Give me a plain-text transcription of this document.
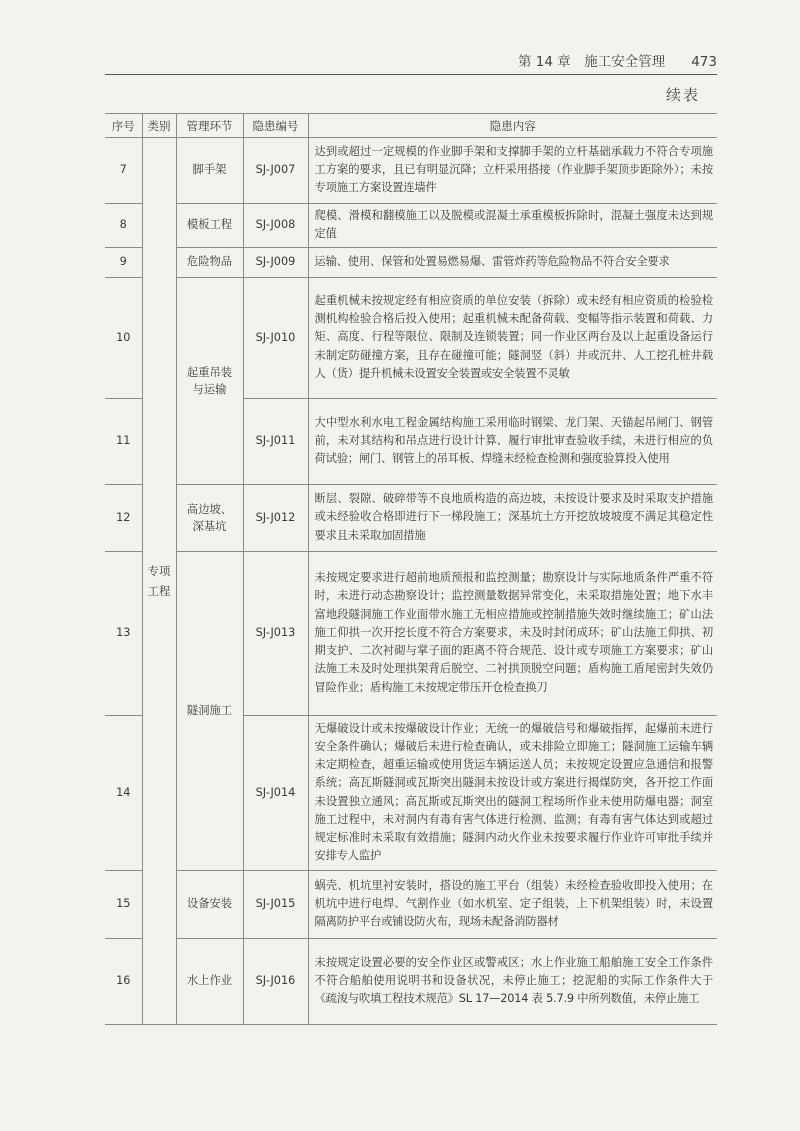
第 14 章　施工安全管理 473
续表
序号	类别	管理环节	隐患编号	隐患内容
7	专项工程	脚手架	SJ-J007	达到或超过一定规模的作业脚手架和支撑脚手架的立杆基础承载力不符合专项施工方案的要求，且已有明显沉降；立杆采用搭接（作业脚手架顶步距除外）；未按专项施工方案设置连墙件
8		模板工程	SJ-J008	爬模、滑模和翻模施工以及脱模或混凝土承重模板拆除时，混凝土强度未达到规定值
9		危险物品	SJ-J009	运输、使用、保管和处置易燃易爆、雷管炸药等危险物品不符合安全要求
10		起重吊装与运输	SJ-J010	起重机械未按规定经有相应资质的单位安装（拆除）或未经有相应资质的检验检测机构检验合格后投入使用；起重机械未配备荷载、变幅等指示装置和荷载、力矩、高度、行程等限位、限制及连锁装置；同一作业区两台及以上起重设备运行未制定防碰撞方案，且存在碰撞可能；隧洞竖（斜）井或沉井、人工挖孔桩井载人（货）提升机械未设置安全装置或安全装置不灵敏
11			SJ-J011	大中型水利水电工程金属结构施工采用临时钢梁、龙门架、天锚起吊闸门、钢管前，未对其结构和吊点进行设计计算、履行审批审查验收手续，未进行相应的负荷试验；闸门、钢管上的吊耳板、焊缝未经检查检测和强度验算投入使用
12		高边坡、深基坑	SJ-J012	断层、裂隙、破碎带等不良地质构造的高边坡，未按设计要求及时采取支护措施或未经验收合格即进行下一梯段施工；深基坑土方开挖放坡坡度不满足其稳定性要求且未采取加固措施
13		隧洞施工	SJ-J013	未按规定要求进行超前地质预报和监控测量；勘察设计与实际地质条件严重不符时，未进行动态勘察设计；监控测量数据异常变化，未采取措施处置；地下水丰富地段隧洞施工作业面带水施工无相应措施或控制措施失效时继续施工；矿山法施工仰拱一次开挖长度不符合方案要求，未及时封闭成环；矿山法施工仰拱、初期支护、二次衬砌与掌子面的距离不符合规范、设计或专项施工方案要求；矿山法施工未及时处理拱架背后脱空、二衬拱顶脱空问题；盾构施工盾尾密封失效仍冒险作业；盾构施工未按规定带压开仓检查换刀
14			SJ-J014	无爆破设计或未按爆破设计作业；无统一的爆破信号和爆破指挥，起爆前未进行安全条件确认；爆破后未进行检查确认，或未排险立即施工；隧洞施工运输车辆未定期检查，超重运输或使用货运车辆运送人员；未按规定设置应急通信和报警系统；高瓦斯隧洞或瓦斯突出隧洞未按设计或方案进行揭煤防突，各开挖工作面未设置独立通风；高瓦斯或瓦斯突出的隧洞工程场所作业未使用防爆电器；洞室施工过程中，未对洞内有毒有害气体进行检测、监测；有毒有害气体达到或超过规定标准时未采取有效措施；隧洞内动火作业未按要求履行作业许可审批手续并安排专人监护
15		设备安装	SJ-J015	蜗壳、机坑里衬安装时，搭设的施工平台（组装）未经检查验收即投入使用；在机坑中进行电焊、气割作业（如水机室、定子组装，上下机架组装）时，未设置隔离防护平台或铺设防火布，现场未配备消防器材
16		水上作业	SJ-J016	未按规定设置必要的安全作业区或警戒区；水上作业施工船舶施工安全工作条件不符合船舶使用说明书和设备状况，未停止施工；挖泥船的实际工作条件大于《疏浚与吹填工程技术规范》SL 17—2014 表 5.7.9 中所列数值，未停止施工
